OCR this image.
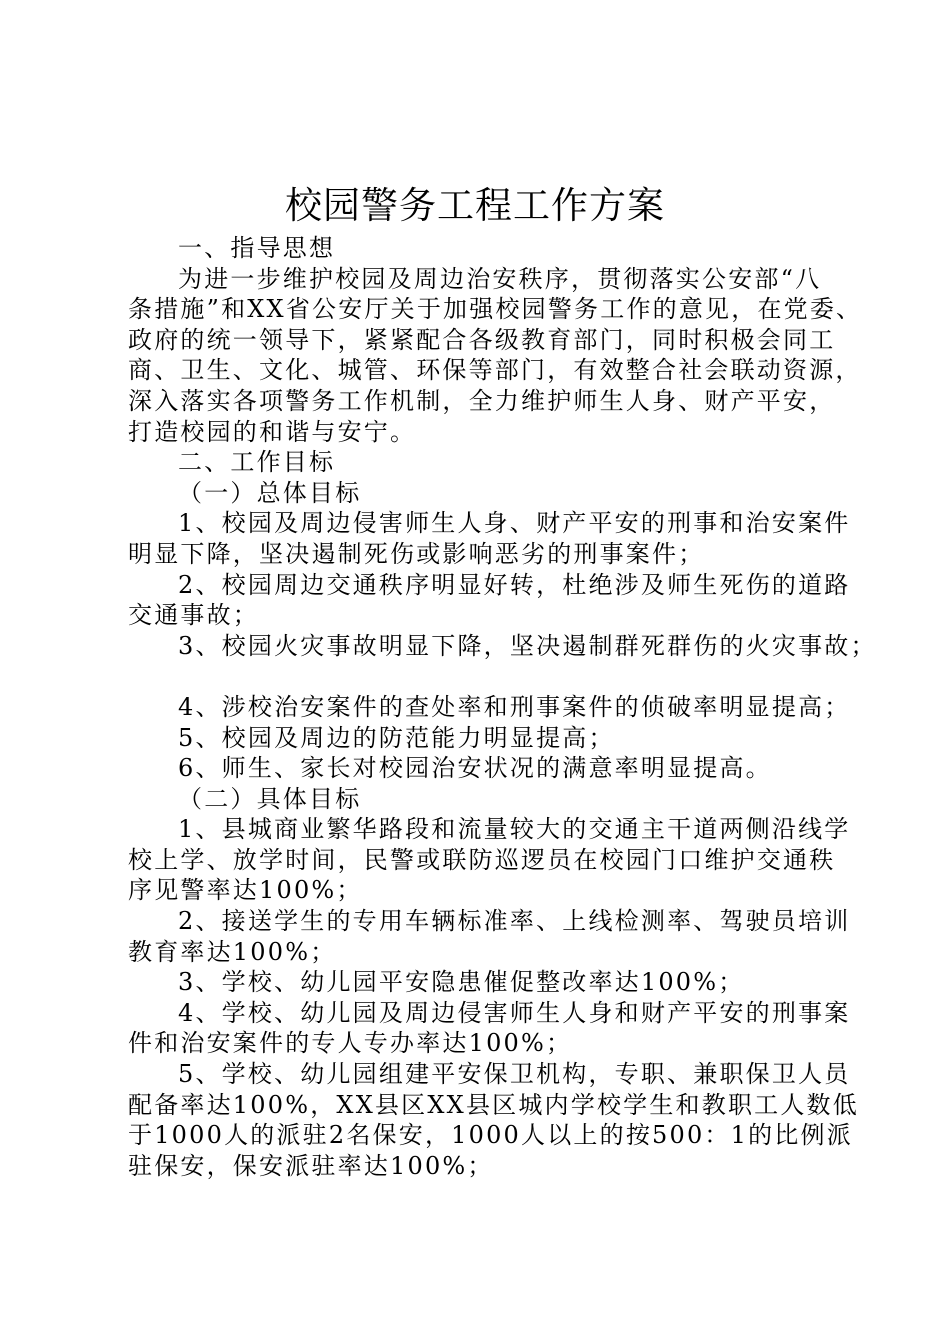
校园警务工程工作方案
一、指导思想
为进一步维护校园及周边治安秩序，贯彻落实公安部“八
条措施”和XX省公安厅关于加强校园警务工作的意见，在党委、
政府的统一领导下，紧紧配合各级教育部门，同时积极会同工
商、卫生、文化、城管、环保等部门，有效整合社会联动资源，
深入落实各项警务工作机制，全力维护师生人身、财产平安，
打造校园的和谐与安宁。
二、工作目标
（一）总体目标
1、校园及周边侵害师生人身、财产平安的刑事和治安案件
明显下降，坚决遏制死伤或影响恶劣的刑事案件；
2、校园周边交通秩序明显好转，杜绝涉及师生死伤的道路
交通事故；
3、校园火灾事故明显下降，坚决遏制群死群伤的火灾事故；
4、涉校治安案件的查处率和刑事案件的侦破率明显提高；
5、校园及周边的防范能力明显提高；
6、师生、家长对校园治安状况的满意率明显提高。
（二）具体目标
1、县城商业繁华路段和流量较大的交通主干道两侧沿线学
校上学、放学时间，民警或联防巡逻员在校园门口维护交通秩
序见警率达100%；
2、接送学生的专用车辆标准率、上线检测率、驾驶员培训
教育率达100%；
3、学校、幼儿园平安隐患催促整改率达100%；
4、学校、幼儿园及周边侵害师生人身和财产平安的刑事案
件和治安案件的专人专办率达100%；
5、学校、幼儿园组建平安保卫机构，专职、兼职保卫人员
配备率达100%，XX县区XX县区城内学校学生和教职工人数低
于1000人的派驻2名保安，1000人以上的按500：1的比例派
驻保安，保安派驻率达100%；
